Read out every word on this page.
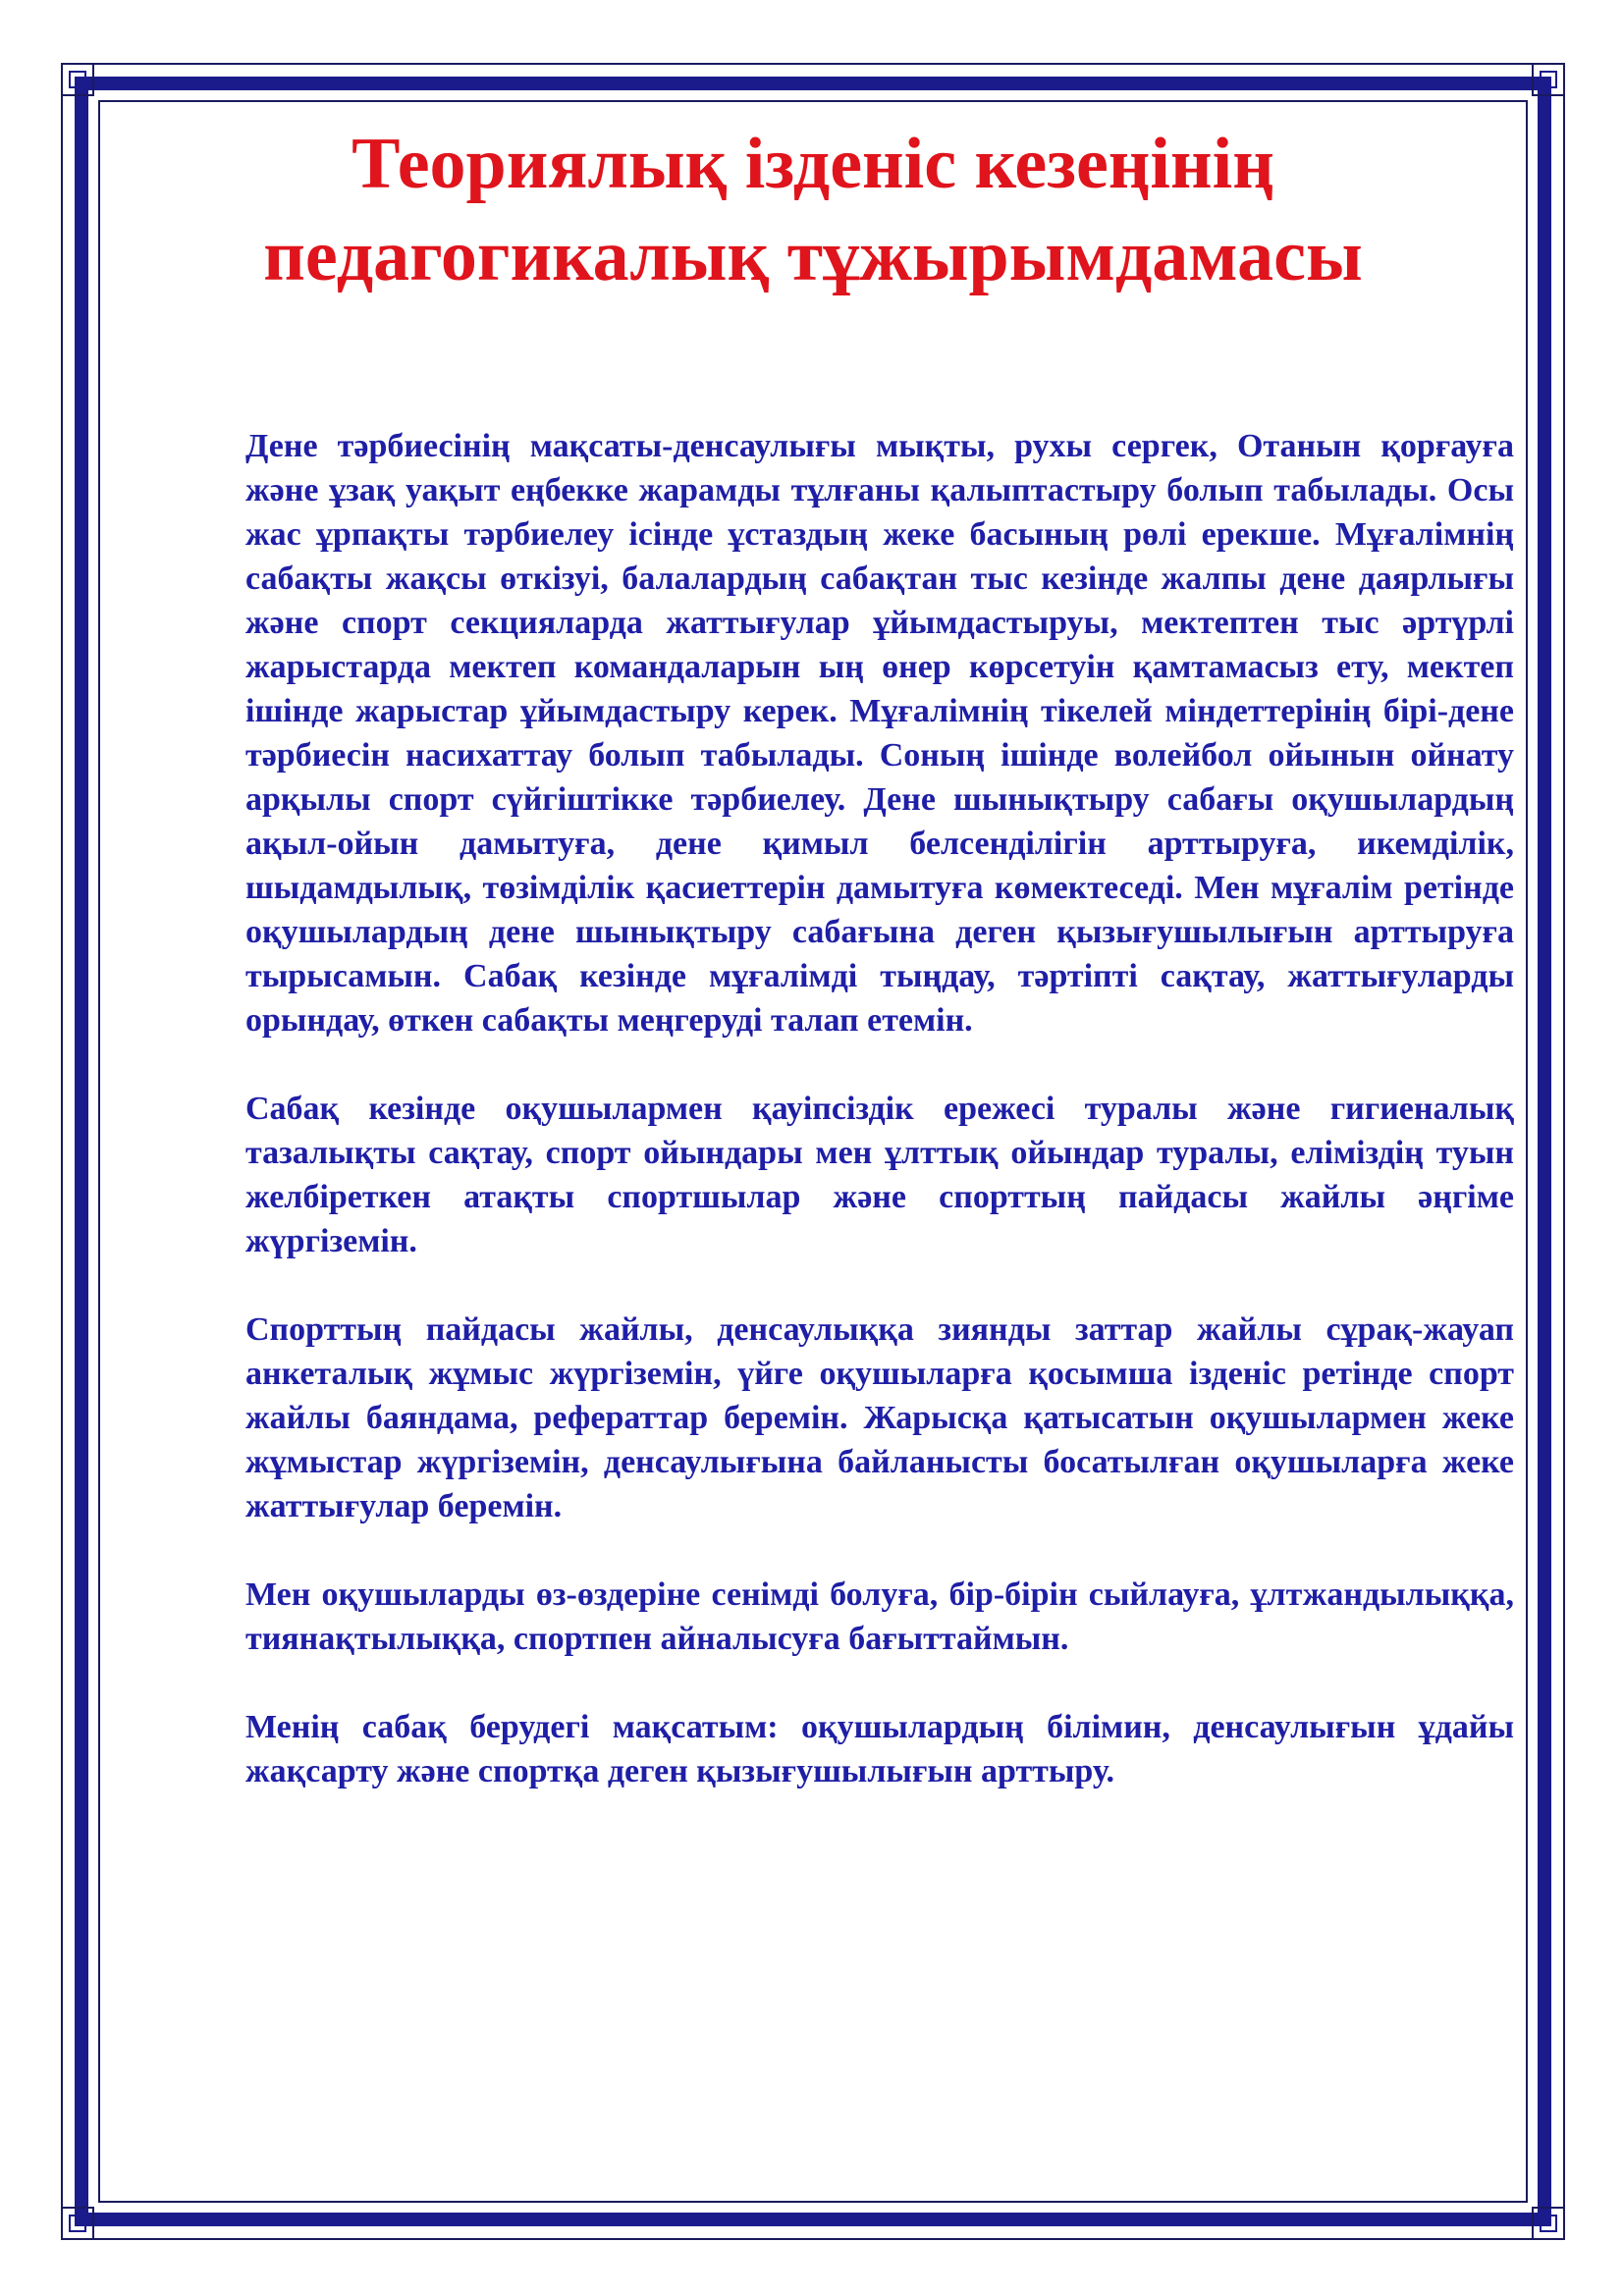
Теориялық ізденіс кезеңінің
педагогикалық тұжырымдамасы

Дене тәрбиесінің мақсаты-денсаулығы мықты, рухы сергек, Отанын қорғауға және ұзақ уақыт еңбекке жарамды тұлғаны қалыптастыру болып табылады. Осы жас ұрпақты тәрбиелеу ісінде ұстаздың жеке басының рөлі ерекше. Мұғалімнің сабақты жақсы өткізуі, балалардың сабақтан тыс кезінде жалпы дене даярлығы және спорт секцияларда жаттығулар ұйымдастыруы, мектептен тыс әртүрлі жарыстарда мектеп командаларын ың өнер көрсетуін қамтамасыз ету, мектеп ішінде жарыстар ұйымдастыру керек. Мұғалімнің тікелей міндеттерінің бірі-дене тәрбиесін насихаттау болып табылады. Соның ішінде волейбол ойынын ойнату арқылы спорт сүйгіштікке тәрбиелеу. Дене шынықтыру сабағы оқушылардың ақыл-ойын дамытуға, дене қимыл белсенділігін арттыруға, икемділік, шыдамдылық, төзімділік қасиеттерін дамытуға көмектеседі. Мен мұғалім ретінде оқушылардың дене шынықтыру сабағына деген қызығушылығын арттыруға тырысамын. Сабақ кезінде мұғалімді тыңдау, тәртіпті сақтау, жаттығуларды орындау, өткен сабақты меңгеруді талап етемін.

Сабақ кезінде оқушылармен қауіпсіздік ережесі туралы және гигиеналық тазалықты сақтау, спорт ойындары мен ұлттық ойындар туралы, еліміздің туын желбіреткен атақты спортшылар және спорттың пайдасы жайлы әңгіме жүргіземін.

Спорттың пайдасы жайлы, денсаулыққа зиянды заттар жайлы сұрақ-жауап анкеталық жұмыс жүргіземін, үйге оқушыларға қосымша ізденіс ретінде спорт жайлы баяндама, рефераттар беремін. Жарысқа қатысатын оқушылармен жеке жұмыстар жүргіземін, денсаулығына байланысты босатылған оқушыларға жеке жаттығулар беремін.

Мен оқушыларды өз-өздеріне сенімді болуға, бір-бірін сыйлауға, ұлтжандылыққа, тиянақтылыққа, спортпен айналысуға бағыттаймын.

Менің сабақ берудегі мақсатым: оқушылардың білімин, денсаулығын ұдайы жақсарту және спортқа деген қызығушылығын арттыру.
